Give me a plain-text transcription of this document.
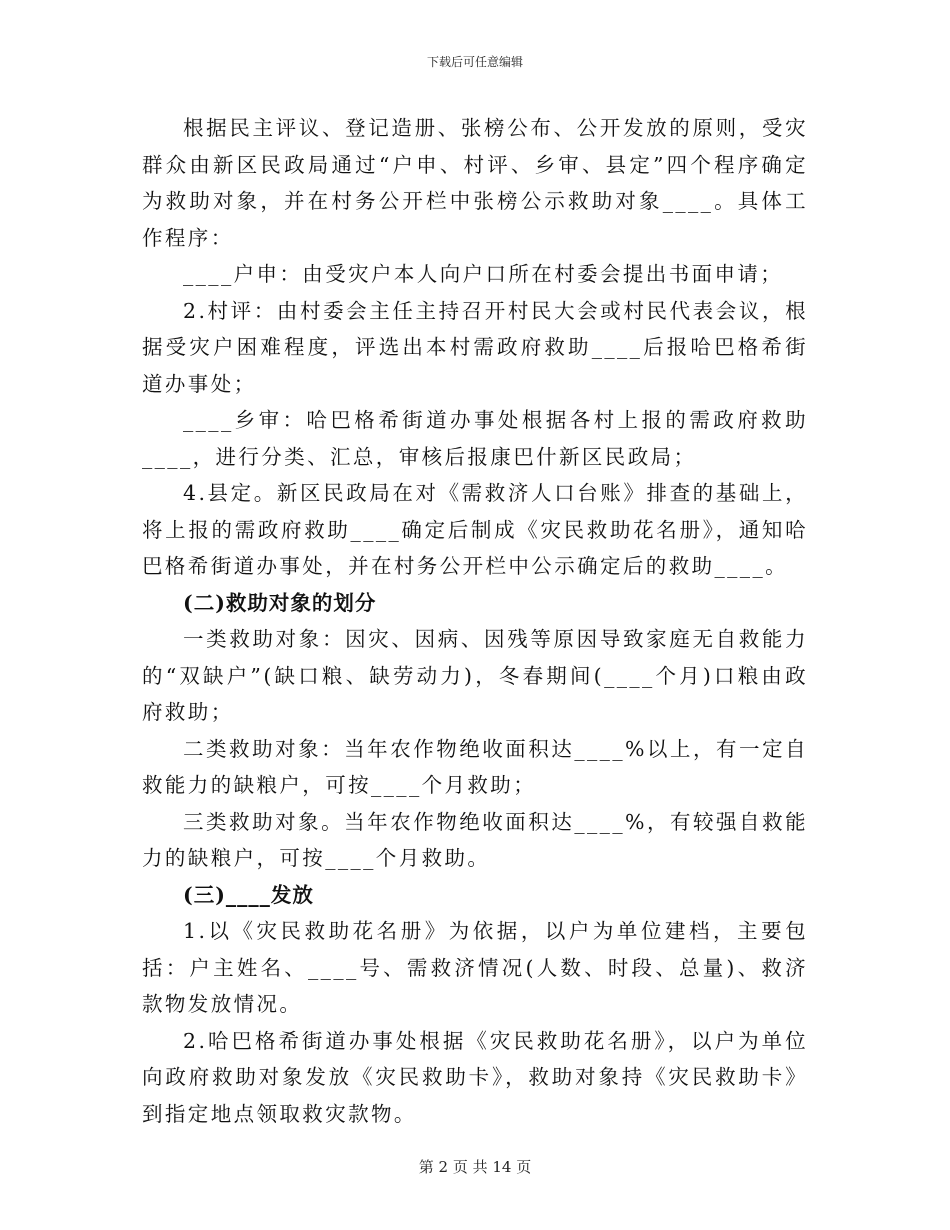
下载后可任意编辑

根据民主评议、登记造册、张榜公布、公开发放的原则，受灾群众由新区民政局通过“户申、村评、乡审、县定”四个程序确定为救助对象，并在村务公开栏中张榜公示救助对象____。具体工作程序：

____户申：由受灾户本人向户口所在村委会提出书面申请；

2.村评：由村委会主任主持召开村民大会或村民代表会议，根据受灾户困难程度，评选出本村需政府救助____后报哈巴格希街道办事处；

____乡审：哈巴格希街道办事处根据各村上报的需政府救助____，进行分类、汇总，审核后报康巴什新区民政局；

4.县定。新区民政局在对《需救济人口台账》排查的基础上，将上报的需政府救助____确定后制成《灾民救助花名册》，通知哈巴格希街道办事处，并在村务公开栏中公示确定后的救助____。

(二)救助对象的划分

一类救助对象：因灾、因病、因残等原因导致家庭无自救能力的“双缺户”(缺口粮、缺劳动力)，冬春期间(____个月)口粮由政府救助；

二类救助对象：当年农作物绝收面积达____%以上，有一定自救能力的缺粮户，可按____个月救助；

三类救助对象。当年农作物绝收面积达____%，有较强自救能力的缺粮户，可按____个月救助。

(三)____发放

1.以《灾民救助花名册》为依据，以户为单位建档，主要包括：户主姓名、____号、需救济情况(人数、时段、总量)、救济款物发放情况。

2.哈巴格希街道办事处根据《灾民救助花名册》，以户为单位向政府救助对象发放《灾民救助卡》，救助对象持《灾民救助卡》到指定地点领取救灾款物。

第 2 页 共 14 页
